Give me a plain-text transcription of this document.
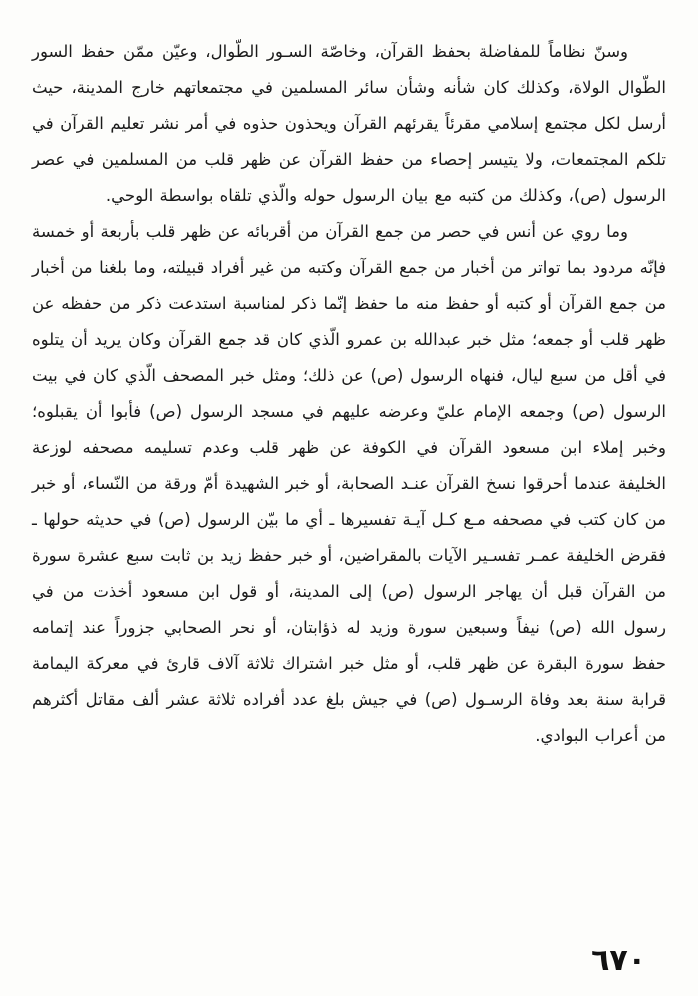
وسنّ نظاماً للمفاضلة بحفظ القرآن، وخاصّة السـور الطّوال، وعيّن ممّن حفظ السور الطّوال الولاة، وكذلك كان شأنه وشأن سائر المسلمين في مجتمعاتهم خارج المدينة، حيث أرسل لكل مجتمع إسلامي مقرئاً يقرئهم القرآن ويحذون حذوه في أمر نشر تعليم القرآن في تلكم المجتمعات، ولا يتيسر إحصاء من حفظ القرآن عن ظهر قلب من المسلمين في عصر الرسول (ص)، وكذلك من كتبه مع بيان الرسول حوله والّذي تلقاه بواسطة الوحي.

وما روي عن أنس في حصر من جمع القرآن من أقربائه عن ظهر قلب بأربعة أو خمسة فإنّه مردود بما تواتر من أخبار من جمع القرآن وكتبه من غير أفراد قبيلته، وما بلغنا من أخبار من جمع القرآن أو كتبه أو حفظ منه ما حفظ إنّما ذكر لمناسبة استدعت ذكر من حفظه عن ظهر قلب أو جمعه؛ مثل خبر عبدالله بن عمرو الّذي كان قد جمع القرآن وكان يريد أن يتلوه في أقل من سبع ليال، فنهاه الرسول (ص) عن ذلك؛ ومثل خبر المصحف الّذي كان في بيت الرسول (ص) وجمعه الإمام عليّ وعرضه عليهم في مسجد الرسول (ص) فأبوا أن يقبلوه؛ وخبر إملاء ابن مسعود القرآن في الكوفة عن ظهر قلب وعدم تسليمه مصحفه لوزعة الخليفة عندما أحرقوا نسخ القرآن عنـد الصحابة، أو خبر الشهيدة أمّ ورقة من النّساء، أو خبر من كان كتب في مصحفه مـع كـل آيـة تفسيرها ـ أي ما بيّن الرسول (ص) في حديثه حولها ـ فقرض الخليفة عمـر تفسـير الآيات بالمقراضين، أو خبر حفظ زيد بن ثابت سبع عشرة سورة من القرآن قبل أن يهاجر الرسول (ص) إلى المدينة، أو قول ابن مسعود أخذت من في رسول الله (ص) نيفاً وسبعين سورة وزيد له ذؤابتان، أو نحر الصحابي جزوراً عند إتمامه حفظ سورة البقرة عن ظهر قلب، أو مثل خبر اشتراك ثلاثة آلاف قارئ في معركة اليمامة قرابة سنة بعد وفاة الرسـول (ص) في جيش بلغ عدد أفراده ثلاثة عشر ألف مقاتل أكثرهم من أعراب البوادي.

٦٧٠
